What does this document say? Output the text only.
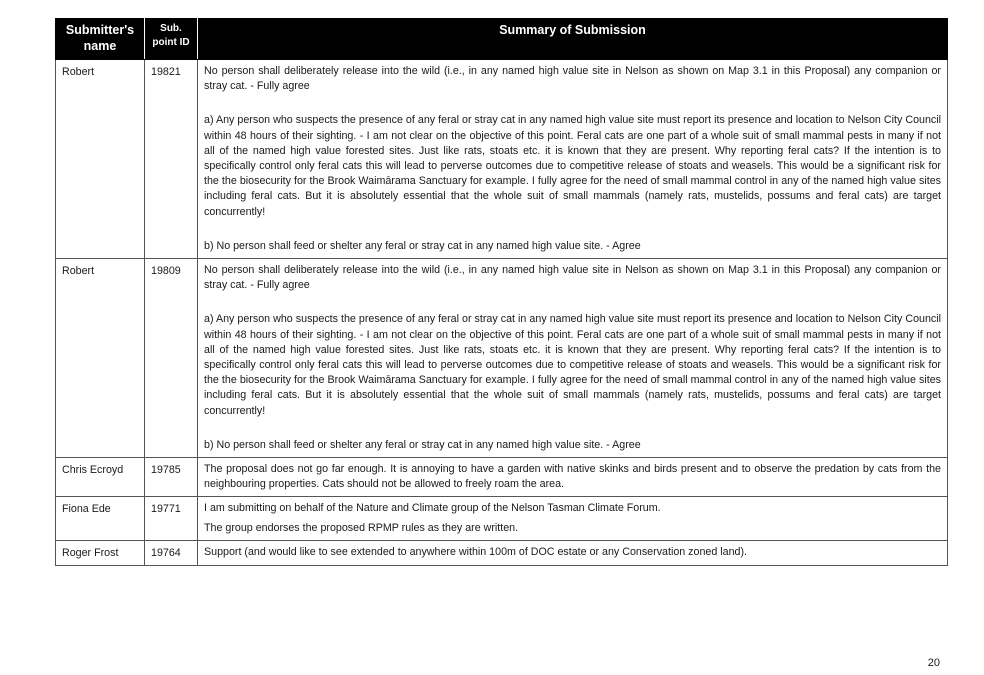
Submitter's name	Sub. point ID	Summary of Submission
Robert	19821	No person shall deliberately release into the wild (i.e., in any named high value site in Nelson as shown on Map 3.1 in this Proposal) any companion or stray cat. - Fully agree

a) Any person who suspects the presence of any feral or stray cat in any named high value site must report its presence and location to Nelson City Council within 48 hours of their sighting. - I am not clear on the objective of this point. Feral cats are one part of a whole suit of small mammal pests in many if not all of the named high value forested sites. Just like rats, stoats etc. it is known that they are present. Why reporting feral cats? If the intention is to specifically control only feral cats this will lead to perverse outcomes due to competitive release of stoats and weasels. This would be a significant risk for the the biosecurity for the Brook Waimārama Sanctuary for example. I fully agree for the need of small mammal control in any of the named high value sites including feral cats. But it is absolutely essential that the whole suit of small mammals (namely rats, mustelids, possums and feral cats) are target concurrently!

b) No person shall feed or shelter any feral or stray cat in any named high value site. - Agree

Robert	19809	No person shall deliberately release into the wild (i.e., in any named high value site in Nelson as shown on Map 3.1 in this Proposal) any companion or stray cat. - Fully agree

a) Any person who suspects the presence of any feral or stray cat in any named high value site must report its presence and location to Nelson City Council within 48 hours of their sighting. - I am not clear on the objective of this point. Feral cats are one part of a whole suit of small mammal pests in many if not all of the named high value forested sites. Just like rats, stoats etc. it is known that they are present. Why reporting feral cats? If the intention is to specifically control only feral cats this will lead to perverse outcomes due to competitive release of stoats and weasels. This would be a significant risk for the the biosecurity for the Brook Waimārama Sanctuary for example. I fully agree for the need of small mammal control in any of the named high value sites including feral cats. But it is absolutely essential that the whole suit of small mammals (namely rats, mustelids, possums and feral cats) are target concurrently!

b) No person shall feed or shelter any feral or stray cat in any named high value site. - Agree

Chris Ecroyd	19785	The proposal does not go far enough. It is annoying to have a garden with native skinks and birds present and to observe the predation by cats from the neighbouring properties. Cats should not be allowed to freely roam the area.

Fiona Ede	19771	I am submitting on behalf of the Nature and Climate group of the Nelson Tasman Climate Forum.

The group endorses the proposed RPMP rules as they are written.

Roger Frost	19764	Support (and would like to see extended to anywhere within 100m of DOC estate or any Conservation zoned land).

20
